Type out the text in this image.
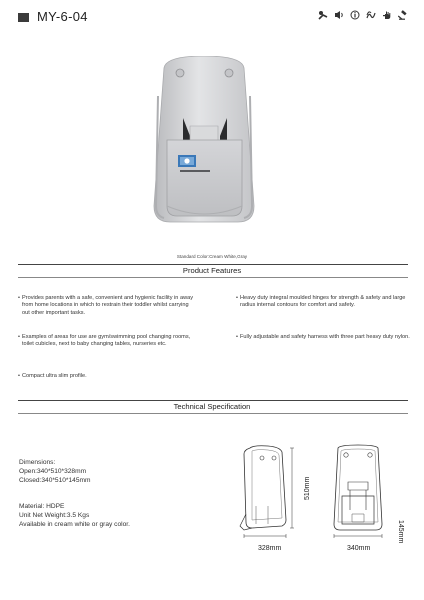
MY-6-04
Standard Color:Cream White,Gray
Product Features
• Provides parents with a safe, convenient and hygienic facility in away from home locations in which to restrain their toddler whilst carrying out other important tasks.
• Examples of areas for use are gym/swimming pool changing rooms, toilet cubicles, next to baby changing tables, nurseries etc.
• Compact ultra slim profile.
• Heavy duty integral moulded hinges for strength & safety and large radius internal contours for comfort and safety.
• Fully adjustable and safety harness with three part heavy duty nylon.
Technical Specification
Dimensions:
Open:340*510*328mm
Closed:340*510*145mm
Material: HDPE
Unit Net Weight:3.5 Kgs
Available in cream white or gray color.
510mm
328mm	340mm
145mm
